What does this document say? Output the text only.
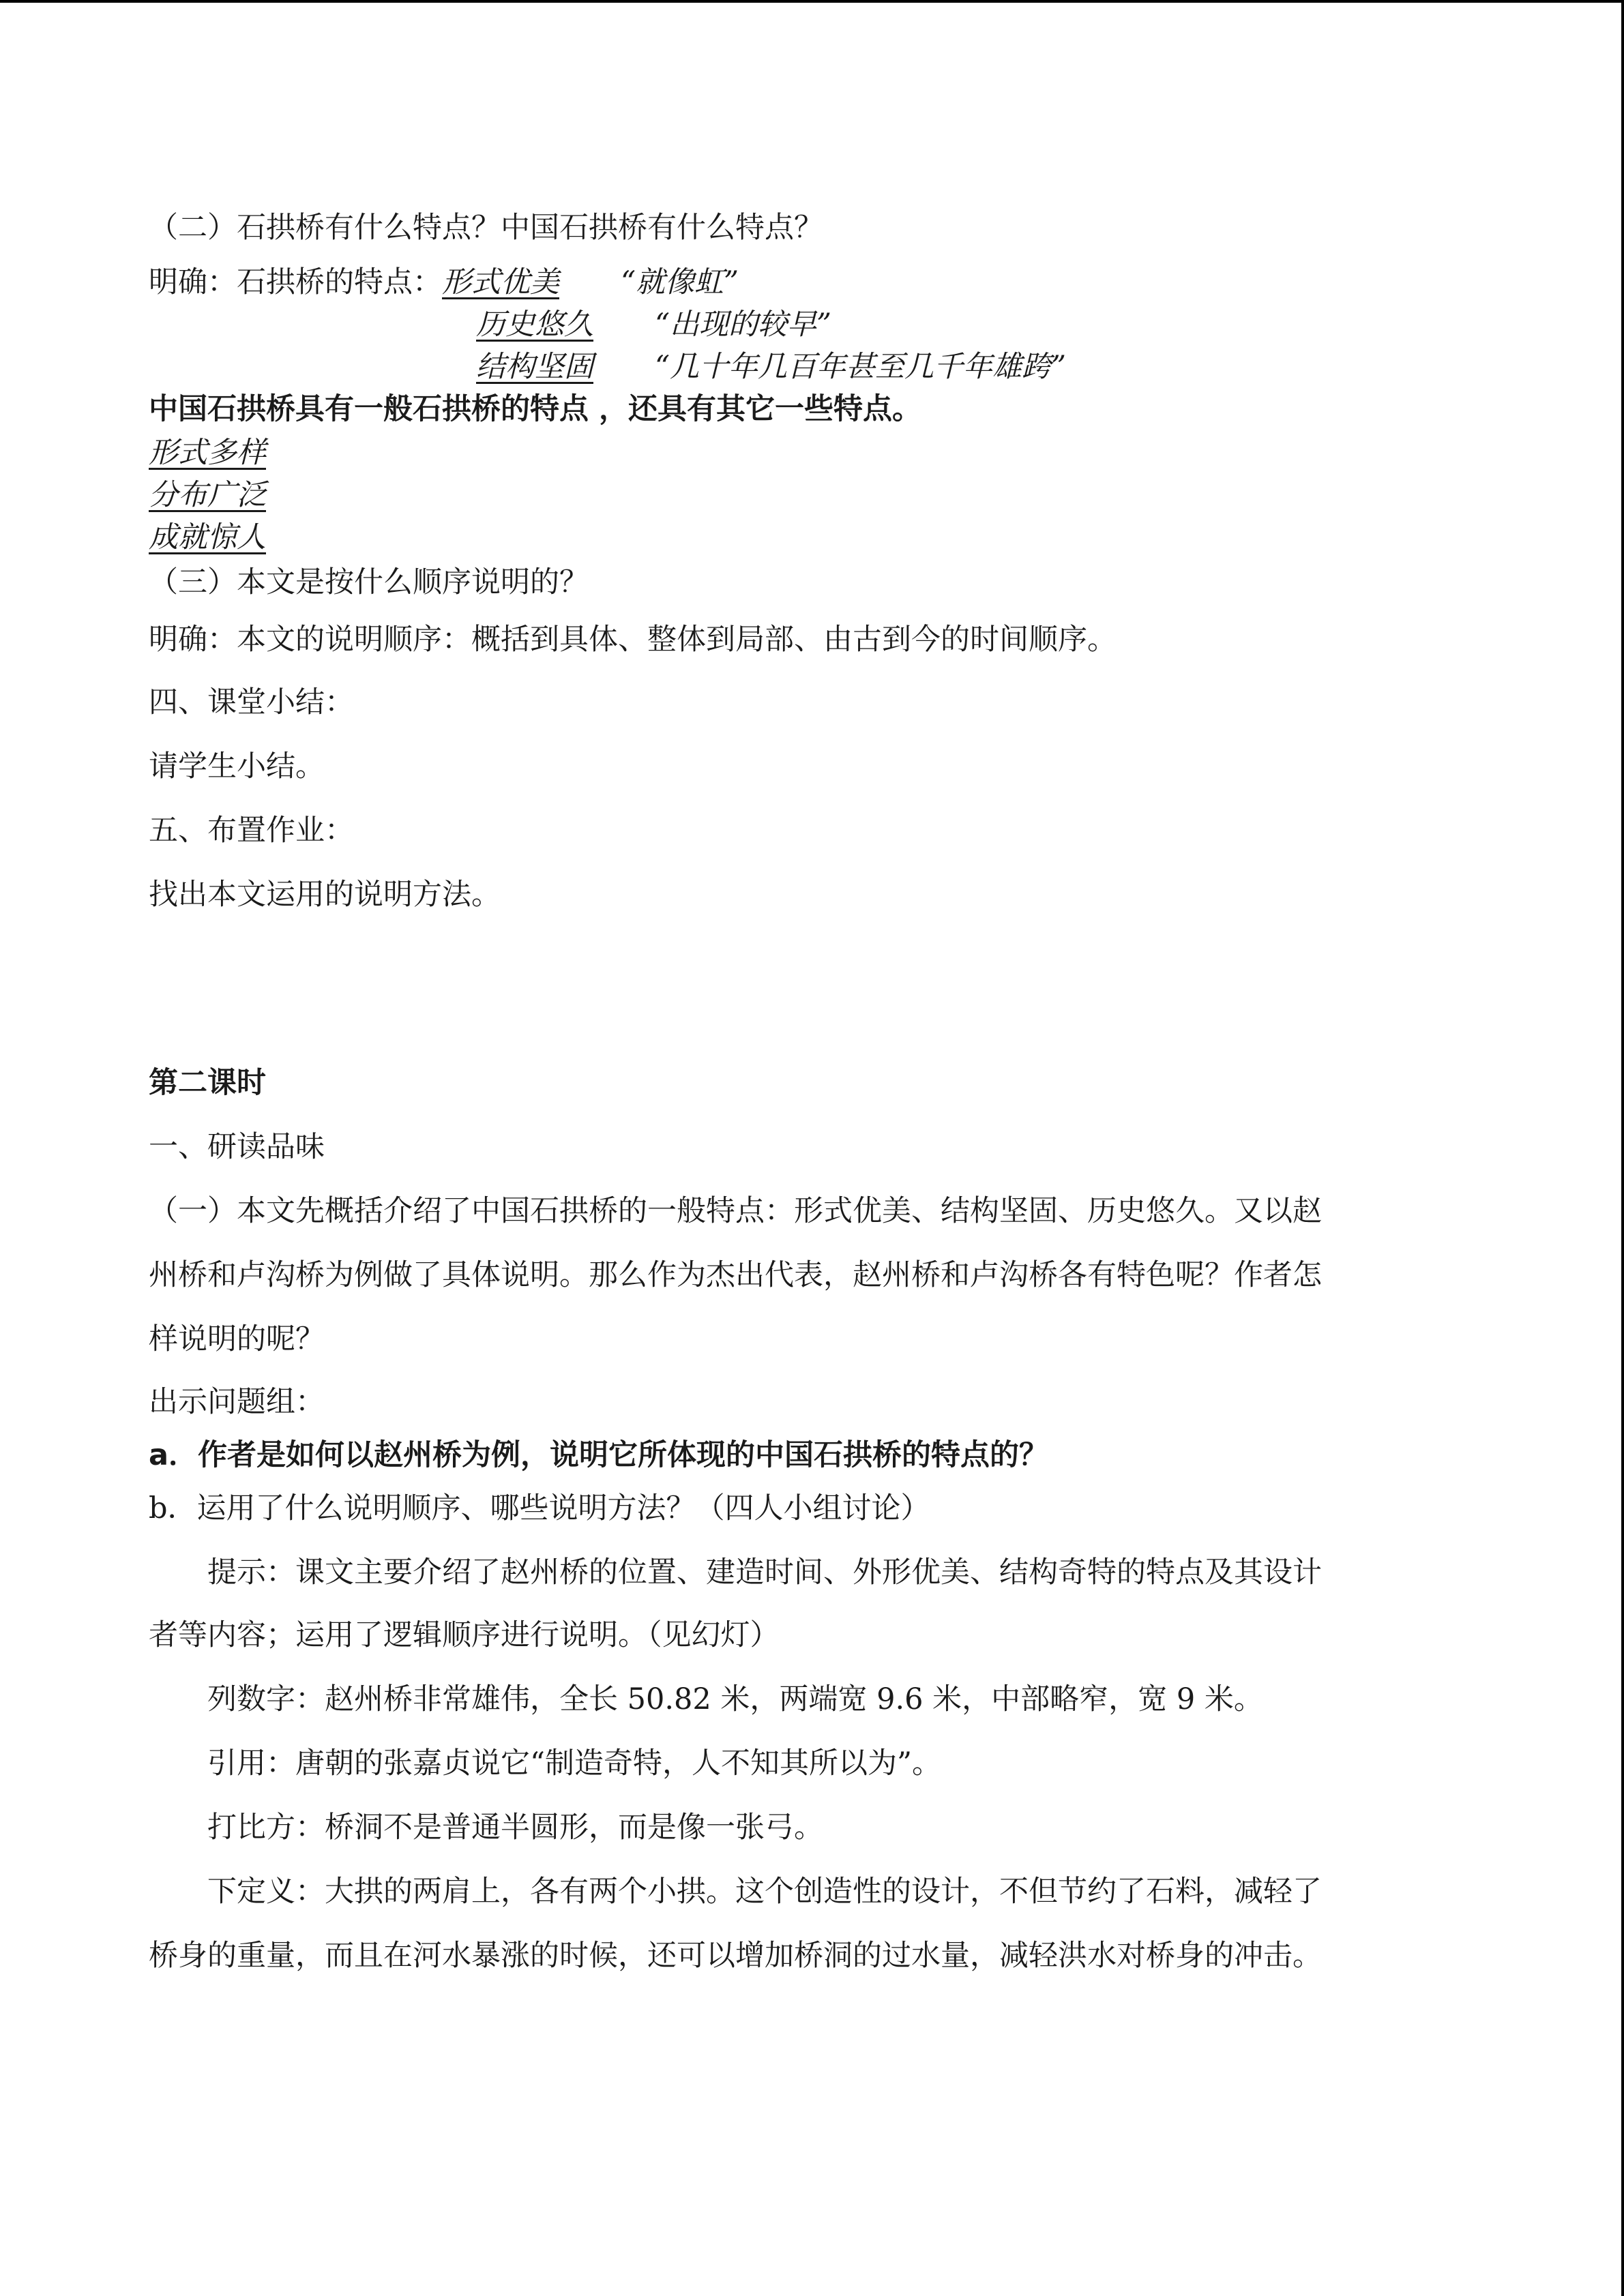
（二）石拱桥有什么特点？中国石拱桥有什么特点？

明确：石拱桥的特点： 形式优美	“就像虹”
历史悠久	“出现的较早”
结构坚固	“几十年几百年甚至几千年雄跨”

中国石拱桥具有一般石拱桥的特点 ，还具有其它一些特点。

形式多样

分布广泛

成就惊人

（三）本文是按什么顺序说明的？

明确：本文的说明顺序：概括到具体、整体到局部、由古到今的时间顺序。

四、课堂小结：

请学生小结。

五、布置作业：

找出本文运用的说明方法。

第二课时

一、研读品味

（一）本文先概括介绍了中国石拱桥的一般特点：形式优美、结构坚固、历史悠久。又以赵

州桥和卢沟桥为例做了具体说明。那么作为杰出代表，赵州桥和卢沟桥各有特色呢？作者怎

样说明的呢？

出示问题组：

a．作者是如何以赵州桥为例，说明它所体现的中国石拱桥的特点的？

b．运用了什么说明顺序、哪些说明方法？（四人小组讨论）

提示：课文主要介绍了赵州桥的位置、建造时间、外形优美、结构奇特的特点及其设计

者等内容；运用了逻辑顺序进行说明。（见幻灯）

列数字：赵州桥非常雄伟，全长 50.82 米，两端宽 9.6 米，中部略窄，宽 9 米。

引用：唐朝的张嘉贞说它“制造奇特，人不知其所以为”。

打比方：桥洞不是普通半圆形，而是像一张弓。

下定义：大拱的两肩上，各有两个小拱。这个创造性的设计，不但节约了石料，减轻了

桥身的重量，而且在河水暴涨的时候，还可以增加桥洞的过水量，减轻洪水对桥身的冲击。
